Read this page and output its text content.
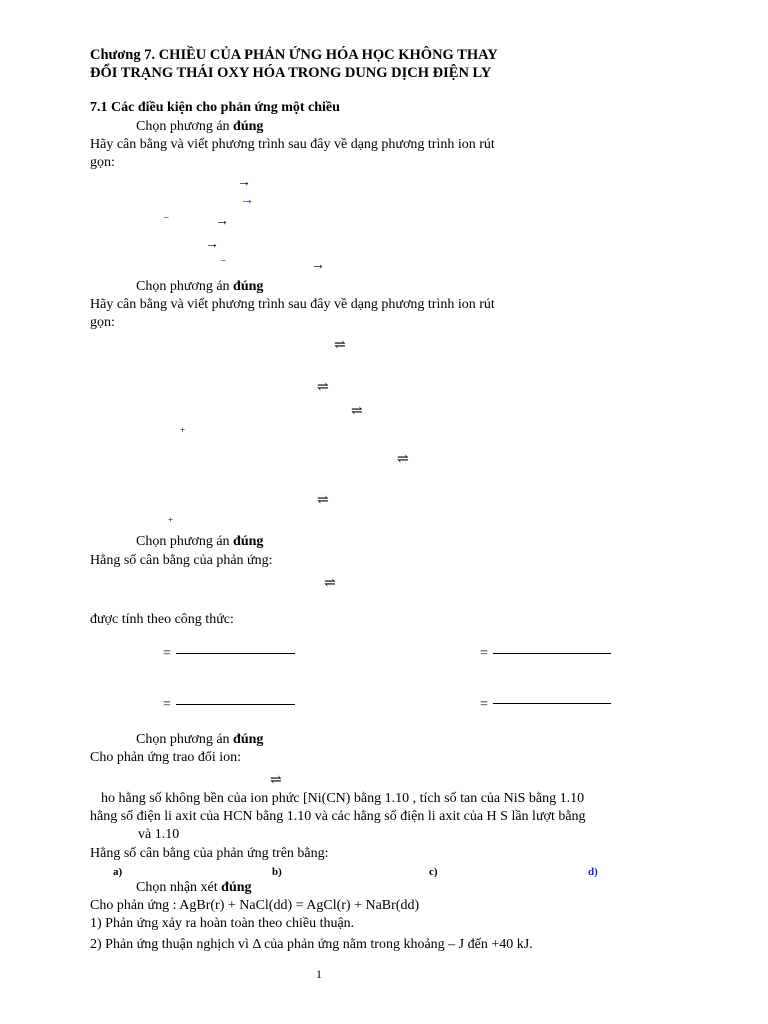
Chương 7. CHIỀU CỦA PHẢN ỨNG HÓA HỌC KHÔNG THAY
ĐỔI TRẠNG THÁI OXY HÓA TRONG DUNG DỊCH ĐIỆN LY
7.1 Các điều kiện cho phản ứng một chiều
Chọn phương án đúng
Hãy cân bằng và viết phương trình sau đây về dạng phương trình ion rút
gọn:
→
→
–	→
→
–	→
Chọn phương án đúng
Hãy cân bằng và viết phương trình sau đây về dạng phương trình ion rút
gọn:
⇌
⇌
⇌
+
⇌
⇌
+
Chọn phương án đúng
Hằng số cân bằng của phản ứng:
⇌
được tính theo công thức:
=	=
=	=
Chọn phương án đúng
Cho phản ứng trao đổi ion:
⇌
ho hằng số không bền của ion phức [Ni(CN) bằng 1.10 , tích số tan của NiS bằng 1.10
hằng số điện li axit của HCN bằng 1.10 và các hằng số điện li axit của H S lần lượt bằng
và 1.10
Hằng số cân bằng của phản ứng trên bằng:
a)	b)	c)	d)
Chọn nhận xét đúng
Cho phản ứng : AgBr(r) + NaCl(dd) = AgCl(r) + NaBr(dd)
1) Phản ứng xảy ra hoàn toàn theo chiều thuận.
2) Phản ứng thuận nghịch vì Δ của phản ứng nằm trong khoảng – J đến +40 kJ.
1
